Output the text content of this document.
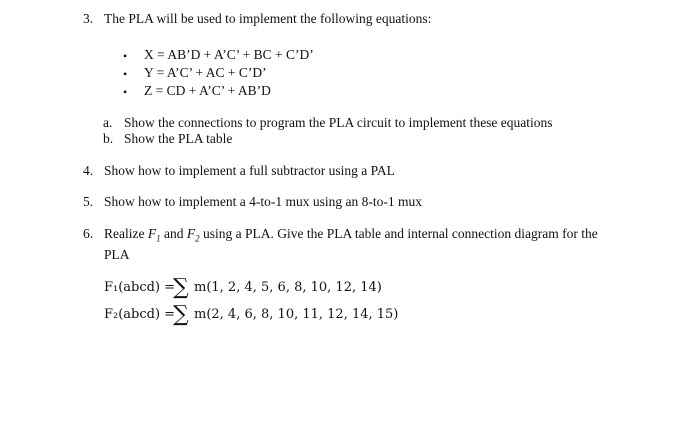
3. The PLA will be used to implement the following equations:
• X = AB’D + A’C’ + BC + C’D’
• Y = A’C’ + AC + C’D’
• Z = CD + A’C’ + AB’D
a. Show the connections to program the PLA circuit to implement these equations
b. Show the PLA table
4. Show how to implement a full subtractor using a PAL
5. Show how to implement a 4-to-1 mux using an 8-to-1 mux
6. Realize $F_1$ and $F_2$ using a PLA. Give the PLA table and internal connection diagram for the PLA
F₁(abcd) =
∑ m(1, 2, 4, 5, 6, 8, 10, 12, 14)
F₂(abcd) =
∑ m(2, 4, 6, 8, 10, 11, 12, 14, 15)
